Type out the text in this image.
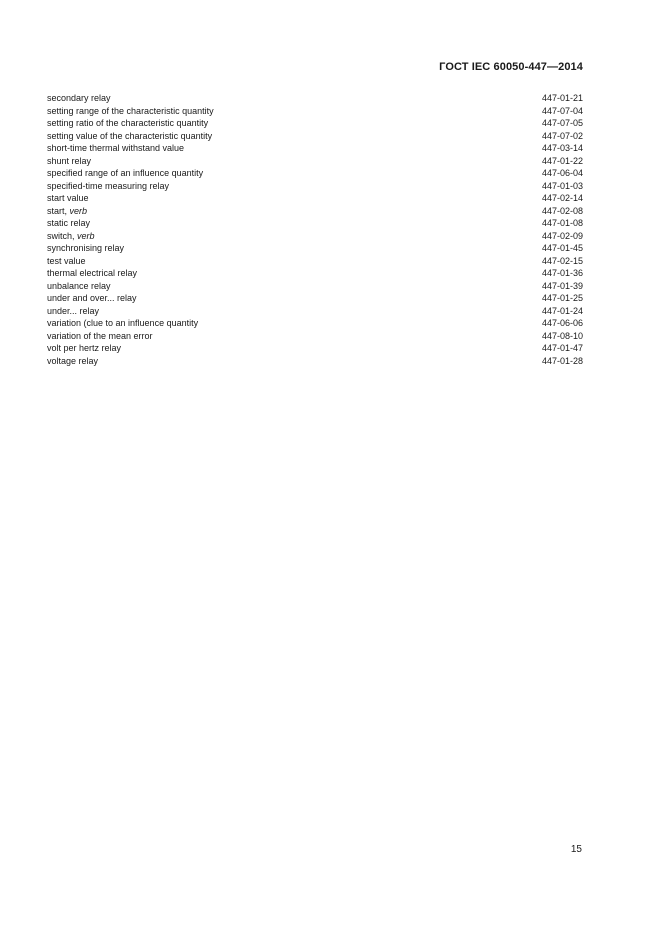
ГОСТ IEC 60050-447—2014
secondary relay	447-01-21
setting range of the characteristic quantity	447-07-04
setting ratio of the characteristic quantity	447-07-05
setting value of the characteristic quantity	447-07-02
short-time thermal withstand value	447-03-14
shunt relay	447-01-22
specified range of an influence quantity	447-06-04
specified-time measuring relay	447-01-03
start value	447-02-14
start, verb	447-02-08
static relay	447-01-08
switch, verb	447-02-09
synchronising relay	447-01-45
test value	447-02-15
thermal electrical relay	447-01-36
unbalance relay	447-01-39
under and over... relay	447-01-25
under... relay	447-01-24
variation (clue to an influence quantity	447-06-06
variation of the mean error	447-08-10
volt per hertz relay	447-01-47
voltage relay	447-01-28
15
